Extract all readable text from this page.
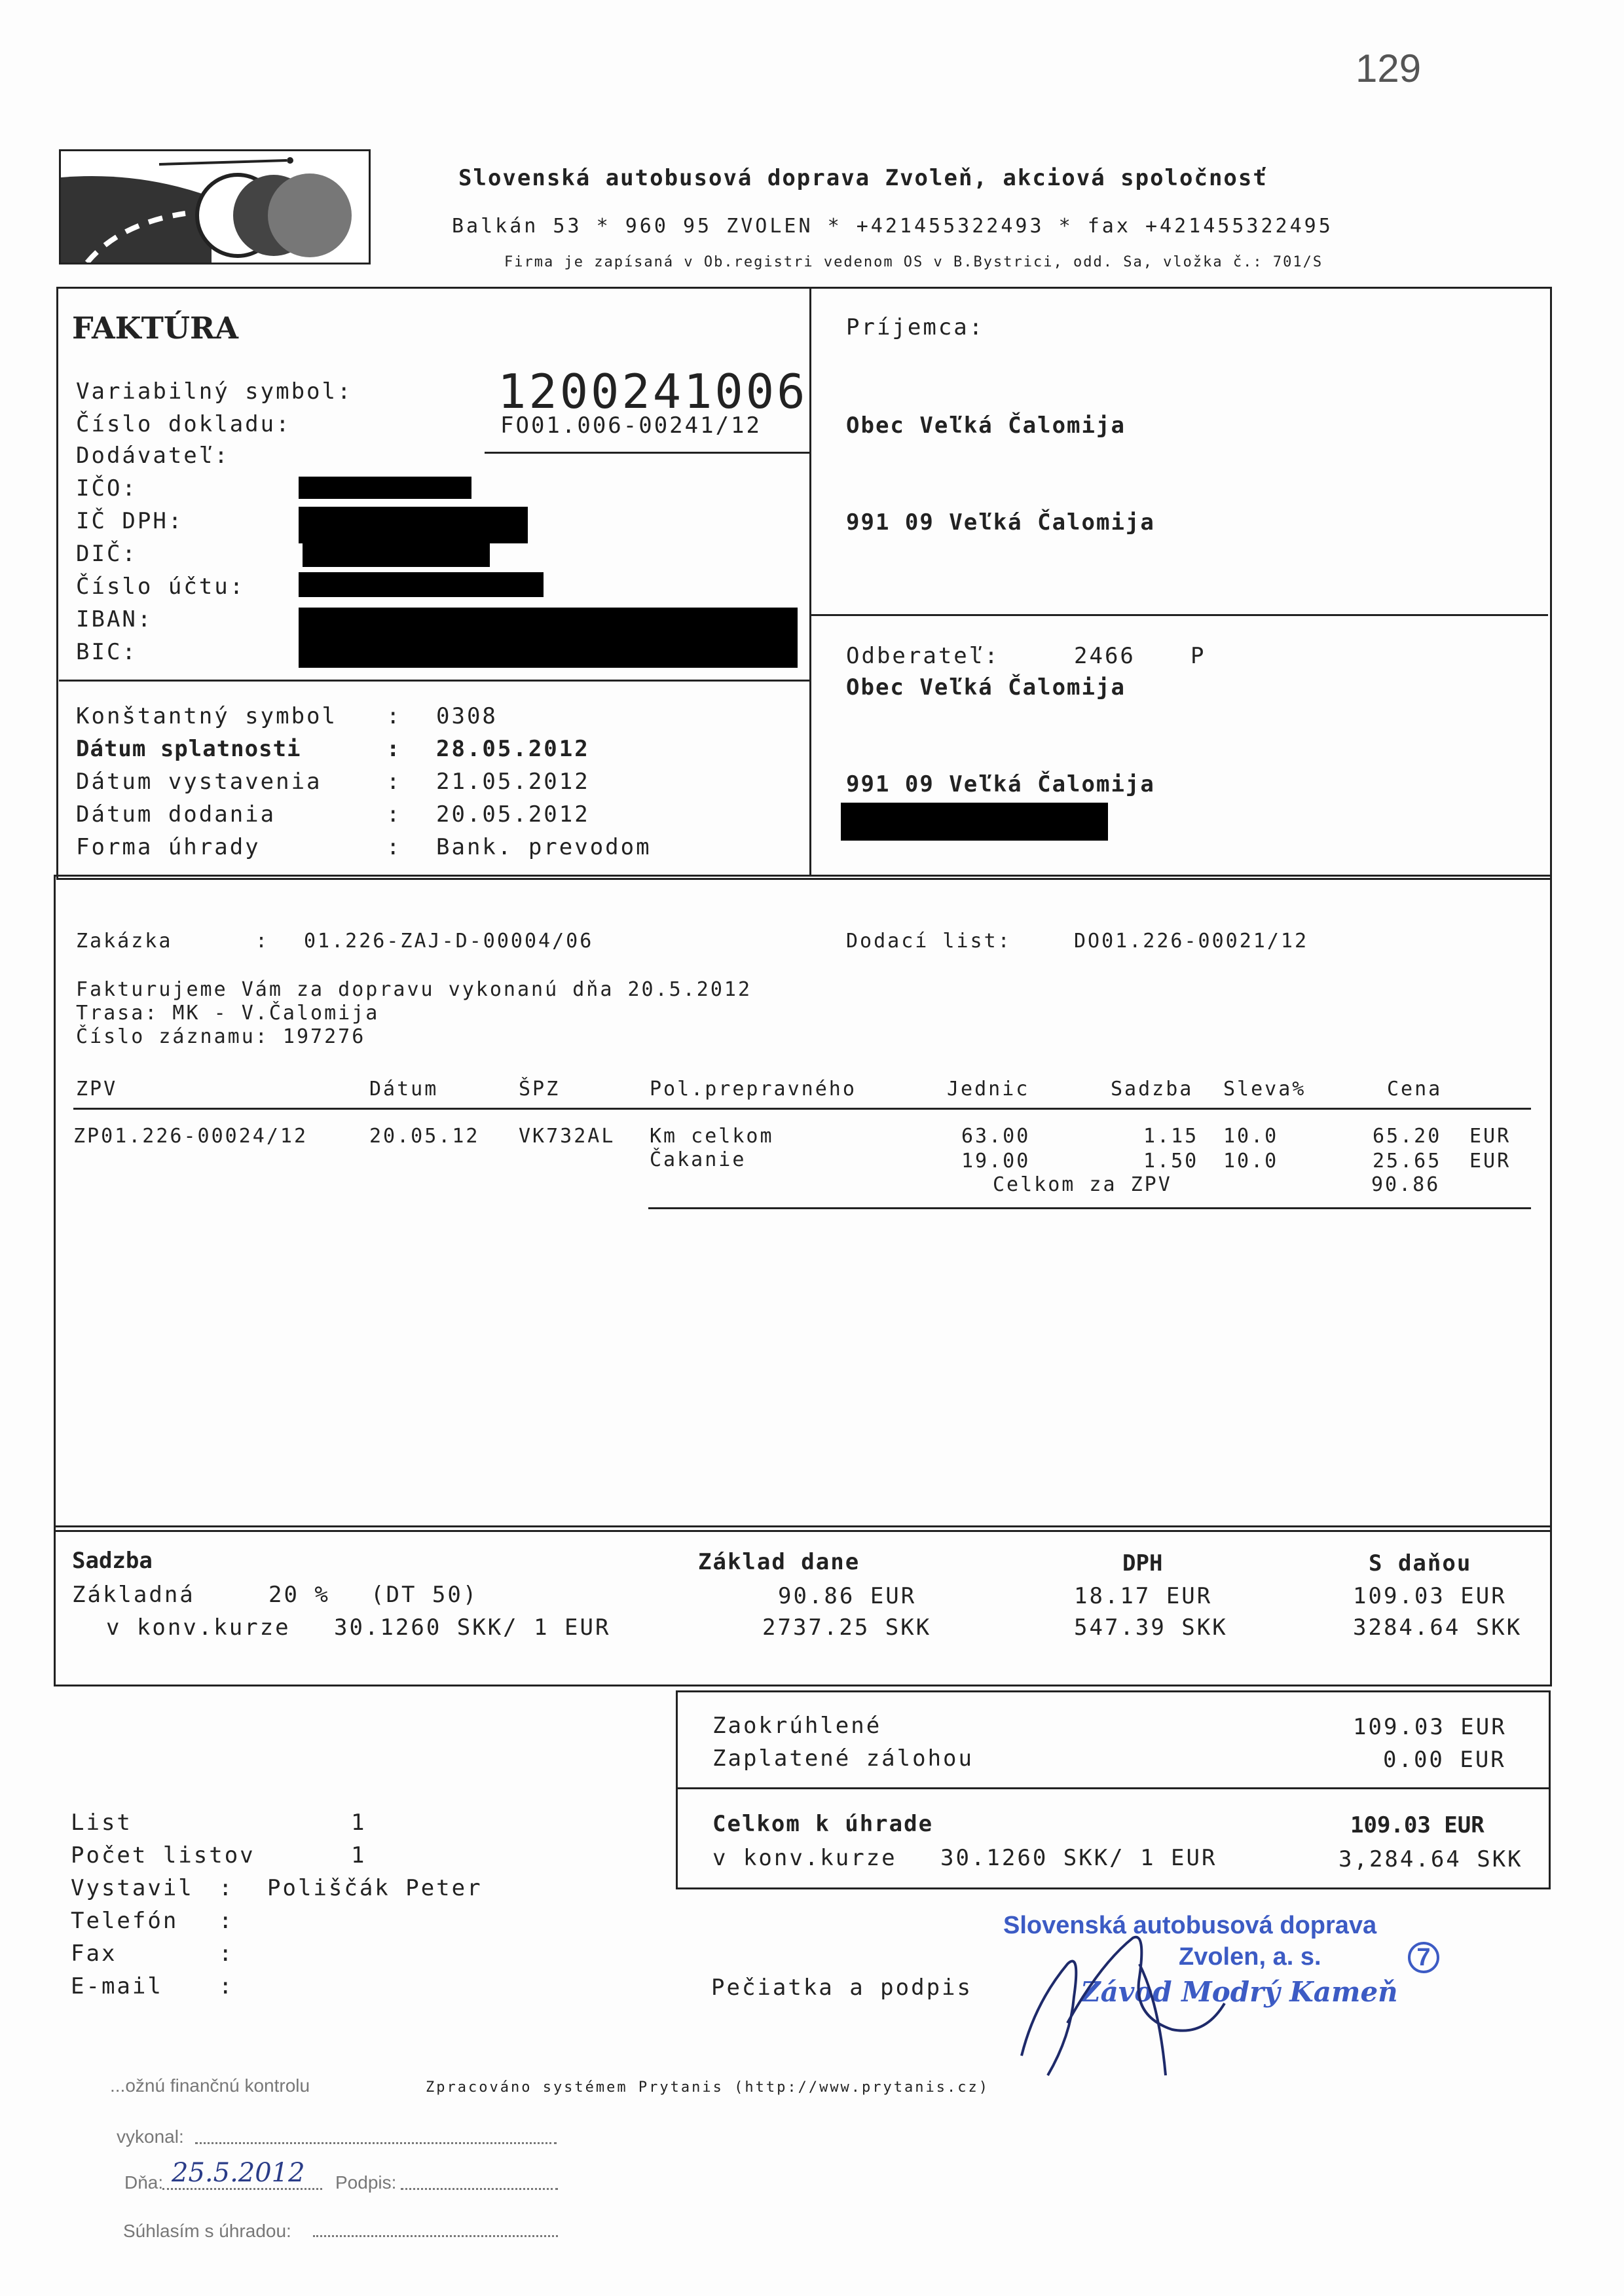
129
Slovenská autobusová doprava Zvoleň, akciová spoločnosť
Balkán 53 * 960 95 ZVOLEN * +421455322493 * fax +421455322495
Firma je zapísaná v Ob.registri vedenom OS v B.Bystrici, odd. Sa, vložka č.: 701/S
FAKTÚRA
Variabilný symbol:	1200241006
Číslo dokladu:	FO01.006-00241/12
Dodávateľ:
IČO:
IČ DPH:
DIČ:
Číslo účtu:
IBAN:
BIC:
Konštantný symbol : 0308
Dátum splatnosti	: 28.05.2012
Dátum vystavenia	: 21.05.2012
Dátum dodania	: 20.05.2012
Forma úhrady	: Bank. prevodom
Príjemca:
Obec Veľká Čalomija
991 09 Veľká Čalomija
Odberateľ:	2466 P
Obec Veľká Čalomija
991 09 Veľká Čalomija
Zakázka	: 01.226-ZAJ-D-00004/06	Dodací list:	DO01.226-00021/12
Fakturujeme Vám za dopravu vykonanú dňa 20.5.2012
Trasa: MK - V.Čalomija
Číslo záznamu: 197276
ZPV	Dátum	ŠPZ	Pol.prepravného	Jednic	Sadzba Sleva%	Cena
ZP01.226-00024/12	20.05.12 VK732AL Km celkom	63.00	1.15 10.0	65.20 EUR
Čakanie	19.00	1.50 10.0	25.65 EUR
Celkom za ZPV	90.86
Sadzba	Základ dane	DPH	S daňou
Základná	20 % (DT 50)	90.86 EUR	18.17 EUR	109.03 EUR
v konv.kurze 30.1260 SKK/ 1 EUR	2737.25 SKK	547.39 SKK	3284.64 SKK
Zaokrúhlené	109.03 EUR
Zaplatené zálohou	0.00 EUR
Celkom k úhrade	109.03 EUR
v konv.kurze 30.1260 SKK/ 1 EUR	3,284.64 SKK
List	1
Počet listov	1
Vystavil : Poliščák Peter
Telefón :
Fax	:
E-mail	:	Pečiatka a podpis
Slovenská autobusová doprava
Zvolen, a. s.	7
Závod Modrý Kameň
Zpracováno systémem Prytanis (http://www.prytanis.cz)
...ožnú finančnú kontrolu
vykonal:
Dňa: 25.5.2012 Podpis:
Súhlasím s úhradou:
